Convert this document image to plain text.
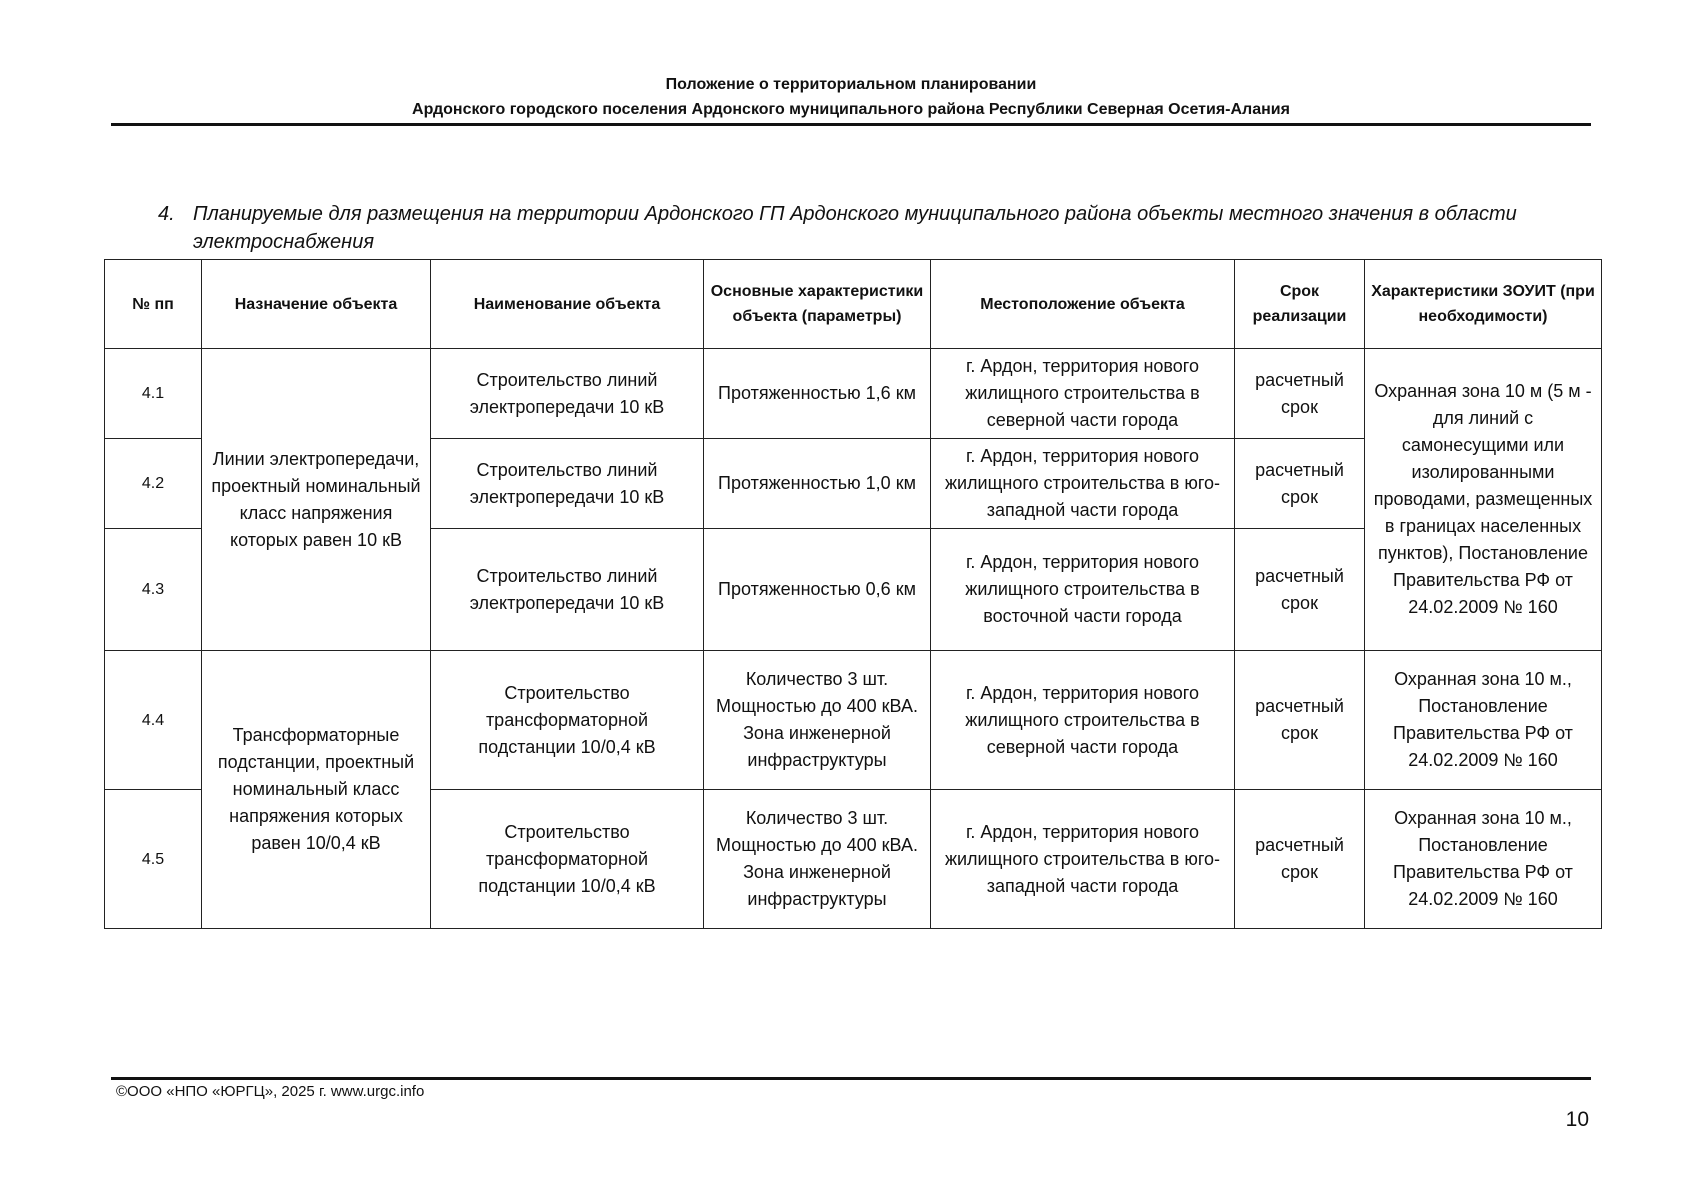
Положение о территориальном планировании
Ардонского городского поселения Ардонского муниципального района Республики Северная Осетия-Алания
4. Планируемые для размещения на территории Ардонского ГП Ардонского муниципального района объекты местного значения в области электроснабжения
№ пп	Назначение объекта	Наименование объекта	Основные характеристики объекта (параметры)	Местоположение объекта	Срок реализации	Характеристики ЗОУИТ (при необходимости)
4.1	Линии электропередачи, проектный номинальный класс напряжения которых равен 10 кВ	Строительство линий электропередачи 10 кВ	Протяженностью 1,6 км	г. Ардон, территория нового жилищного строительства в северной части города	расчетный срок	Охранная зона 10 м (5 м - для линий с самонесущими или изолированными проводами, размещенных в границах населенных пунктов), Постановление Правительства РФ от 24.02.2009 № 160
4.2		Строительство линий электропередачи 10 кВ	Протяженностью 1,0 км	г. Ардон, территория нового жилищного строительства в юго-западной части города	расчетный срок	
4.3		Строительство линий электропередачи 10 кВ	Протяженностью 0,6 км	г. Ардон, территория нового жилищного строительства в восточной части города	расчетный срок	
4.4	Трансформаторные подстанции, проектный номинальный класс напряжения которых равен 10/0,4 кВ	Строительство трансформаторной подстанции 10/0,4 кВ	Количество 3 шт. Мощностью до 400 кВА. Зона инженерной инфраструктуры	г. Ардон, территория нового жилищного строительства в северной части города	расчетный срок	Охранная зона 10 м., Постановление Правительства РФ от 24.02.2009 № 160
4.5		Строительство трансформаторной подстанции 10/0,4 кВ	Количество 3 шт. Мощностью до 400 кВА. Зона инженерной инфраструктуры	г. Ардон, территория нового жилищного строительства в юго-западной части города	расчетный срок	Охранная зона 10 м., Постановление Правительства РФ от 24.02.2009 № 160
©ООО «НПО «ЮРГЦ», 2025 г. www.urgc.info
10
